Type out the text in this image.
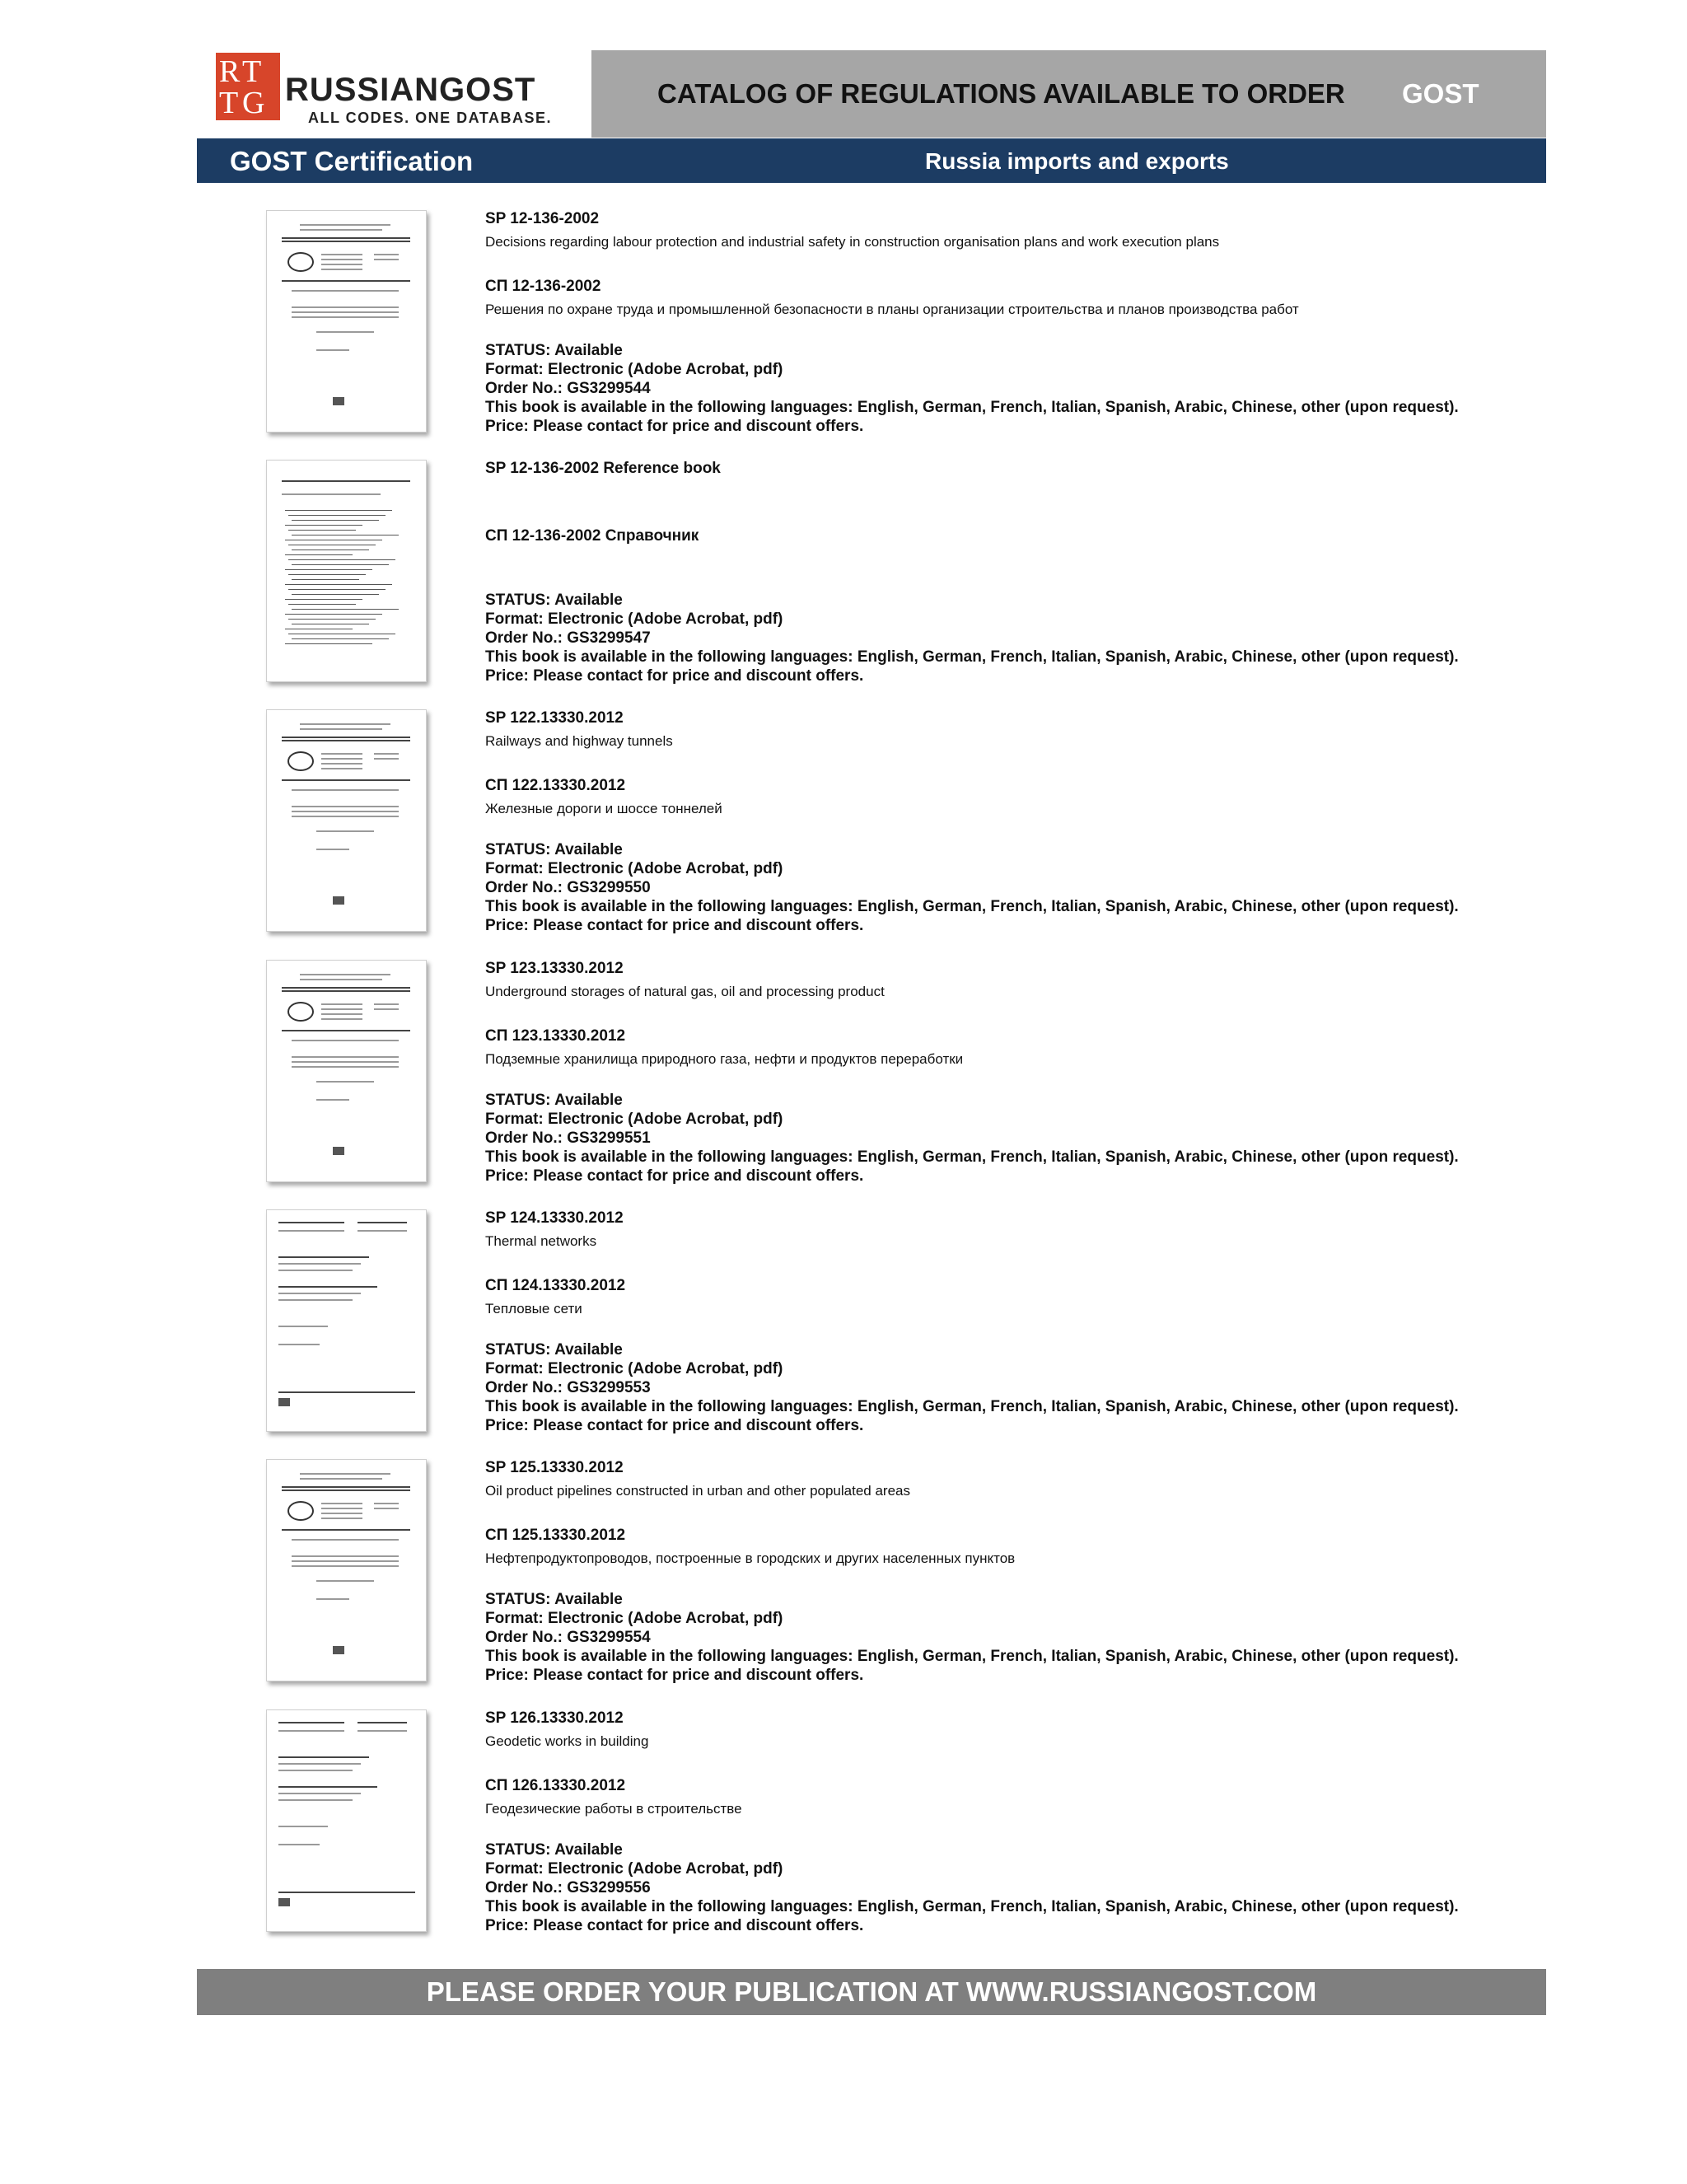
R T
T G RUSSIANGOST
ALL CODES. ONE DATABASE.
CATALOG OF REGULATIONS AVAILABLE TO ORDER GOST
GOST Certification	Russia imports and exports
SP 12-136-2002
Decisions regarding labour protection and industrial safety in construction organisation plans and work execution plans
СП 12-136-2002
Решения по охране труда и промышленной безопасности в планы организации строительства и планов производства работ
STATUS: Available
Format: Electronic (Adobe Acrobat, pdf)
Order No.: GS3299544
This book is available in the following languages: English, German, French, Italian, Spanish, Arabic, Chinese, other (upon request).
Price: Please contact for price and discount offers.
SP 12-136-2002 Reference book
СП 12-136-2002 Справочник
STATUS: Available
Format: Electronic (Adobe Acrobat, pdf)
Order No.: GS3299547
This book is available in the following languages: English, German, French, Italian, Spanish, Arabic, Chinese, other (upon request).
Price: Please contact for price and discount offers.
SP 122.13330.2012
Railways and highway tunnels
СП 122.13330.2012
Железные дороги и шоссе тоннелей
STATUS: Available
Format: Electronic (Adobe Acrobat, pdf)
Order No.: GS3299550
This book is available in the following languages: English, German, French, Italian, Spanish, Arabic, Chinese, other (upon request).
Price: Please contact for price and discount offers.
SP 123.13330.2012
Underground storages of natural gas, oil and processing product
СП 123.13330.2012
Подземные хранилища природного газа, нефти и продуктов переработки
STATUS: Available
Format: Electronic (Adobe Acrobat, pdf)
Order No.: GS3299551
This book is available in the following languages: English, German, French, Italian, Spanish, Arabic, Chinese, other (upon request).
Price: Please contact for price and discount offers.
SP 124.13330.2012
Thermal networks
СП 124.13330.2012
Тепловые сети
STATUS: Available
Format: Electronic (Adobe Acrobat, pdf)
Order No.: GS3299553
This book is available in the following languages: English, German, French, Italian, Spanish, Arabic, Chinese, other (upon request).
Price: Please contact for price and discount offers.
SP 125.13330.2012
Oil product pipelines constructed in urban and other populated areas
СП 125.13330.2012
Нефтепродуктопроводов, построенные в городских и других населенных пунктов
STATUS: Available
Format: Electronic (Adobe Acrobat, pdf)
Order No.: GS3299554
This book is available in the following languages: English, German, French, Italian, Spanish, Arabic, Chinese, other (upon request).
Price: Please contact for price and discount offers.
SP 126.13330.2012
Geodetic works in building
СП 126.13330.2012
Геодезические работы в строительстве
STATUS: Available
Format: Electronic (Adobe Acrobat, pdf)
Order No.: GS3299556
This book is available in the following languages: English, German, French, Italian, Spanish, Arabic, Chinese, other (upon request).
Price: Please contact for price and discount offers.
PLEASE ORDER YOUR PUBLICATION AT WWW.RUSSIANGOST.COM
